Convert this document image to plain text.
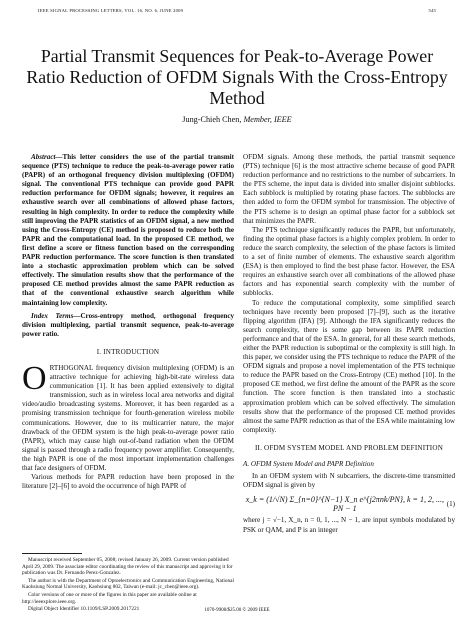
IEEE SIGNAL PROCESSING LETTERS, VOL. 16, NO. 6, JUNE 2009	545
Partial Transmit Sequences for Peak-to-Average Power Ratio Reduction of OFDM Signals With the Cross-Entropy Method
Jung-Chieh Chen, Member, IEEE

Abstract—This letter considers the use of the partial transmit sequence (PTS) technique to reduce the peak-to-average power ratio (PAPR) of an orthogonal frequency division multiplexing (OFDM) signal. The conventional PTS technique can provide good PAPR reduction performance for OFDM signals; however, it requires an exhaustive search over all combinations of allowed phase factors, resulting in high complexity. In order to reduce the complexity while still improving the PAPR statistics of an OFDM signal, a new method using the Cross-Entropy (CE) method is proposed to reduce both the PAPR and the computational load. In the proposed CE method, we first define a score or fitness function based on the corresponding PAPR reduction performance. The score function is then translated into a stochastic approximation problem which can be solved effectively. The simulation results show that the performance of the proposed CE method provides almost the same PAPR reduction as that of the conventional exhaustive search algorithm while maintaining low complexity.

Index Terms—Cross-entropy method, orthogonal frequency division multiplexing, partial transmit sequence, peak-to-average power ratio.

I. INTRODUCTION

ORTHOGONAL frequency division multiplexing (OFDM) is an attractive technique for achieving high-bit-rate wireless data communication [1]. It has been applied extensively to digital transmission, such as in wireless local area networks and digital video/audio broadcasting systems. Moreover, it has been regarded as a promising transmission technique for fourth-generation wireless mobile communications. However, due to its multicarrier nature, the major drawback of the OFDM system is the high peak-to-average power ratio (PAPR), which may cause high out-of-band radiation when the OFDM signal is passed through a radio frequency power amplifier. Consequently, the high PAPR is one of the most important implementation challenges that face designers of OFDM.

Various methods for PAPR reduction have been proposed in the literature [2]–[6] to avoid the occurrence of high PAPR of

OFDM signals. Among these methods, the partial transmit sequence (PTS) technique [6] is the most attractive scheme because of good PAPR reduction performance and no restrictions to the number of subcarriers. In the PTS scheme, the input data is divided into smaller disjoint subblocks. Each subblock is multiplied by rotating phase factors. The subblocks are then added to form the OFDM symbol for transmission. The objective of the PTS scheme is to design an optimal phase factor for a subblock set that minimizes the PAPR.

The PTS technique significantly reduces the PAPR, but unfortunately, finding the optimal phase factors is a highly complex problem. In order to reduce the search complexity, the selection of the phase factors is limited to a set of finite number of elements. The exhaustive search algorithm (ESA) is then employed to find the best phase factor. However, the ESA requires an exhaustive search over all combinations of the allowed phase factors and has exponential search complexity with the number of subblocks.

To reduce the computational complexity, some simplified search techniques have recently been proposed [7]–[9], such as the iterative flipping algorithm (IFA) [9]. Although the IFA significantly reduces the search complexity, there is some gap between its PAPR reduction performance and that of the ESA. In general, for all these search methods, either the PAPR reduction is suboptimal or the complexity is still high. In this paper, we consider using the PTS technique to reduce the PAPR of the OFDM signals and propose a novel implementation of the PTS technique to reduce the PAPR based on the Cross-Entropy (CE) method [10]. In the proposed CE method, we first define the amount of the PAPR as the score function. The score function is then translated into a stochastic approximation problem which can be solved effectively. The simulation results show that the performance of the proposed CE method provides almost the same PAPR reduction as that of the ESA while maintaining low complexity.

II. OFDM SYSTEM MODEL AND PROBLEM DEFINITION

A. OFDM System Model and PAPR Definition

In an OFDM system with N subcarriers, the discrete-time transmitted OFDM signal is given by

x_k = (1/√N) Σ_{n=0}^{N−1} X_n e^{j2πnk/PN}, k = 1, 2, ..., PN − 1
(1)

where j = √−1, X_n, n = 0, 1, ..., N − 1, are input symbols modulated by PSK or QAM, and P is an integer

Manuscript received September 05, 2008; revised January 26, 2009. Current version published April 29, 2009. The associate editor coordinating the review of this manuscript and approving it for publication was Dr. Fernando Perez-Gonzalez.

The author is with the Department of Optoelectronics and Communication Engineering, National Kaohsiung Normal University, Kaohsiung 802, Taiwan (e-mail: jc_chen@ieee.org).

Color versions of one or more of the figures in this paper are available online at http://ieeexplore.ieee.org.

Digital Object Identifier 10.1109/LSP.2009.2017221	1070-9908/$25.00 © 2009 IEEE
